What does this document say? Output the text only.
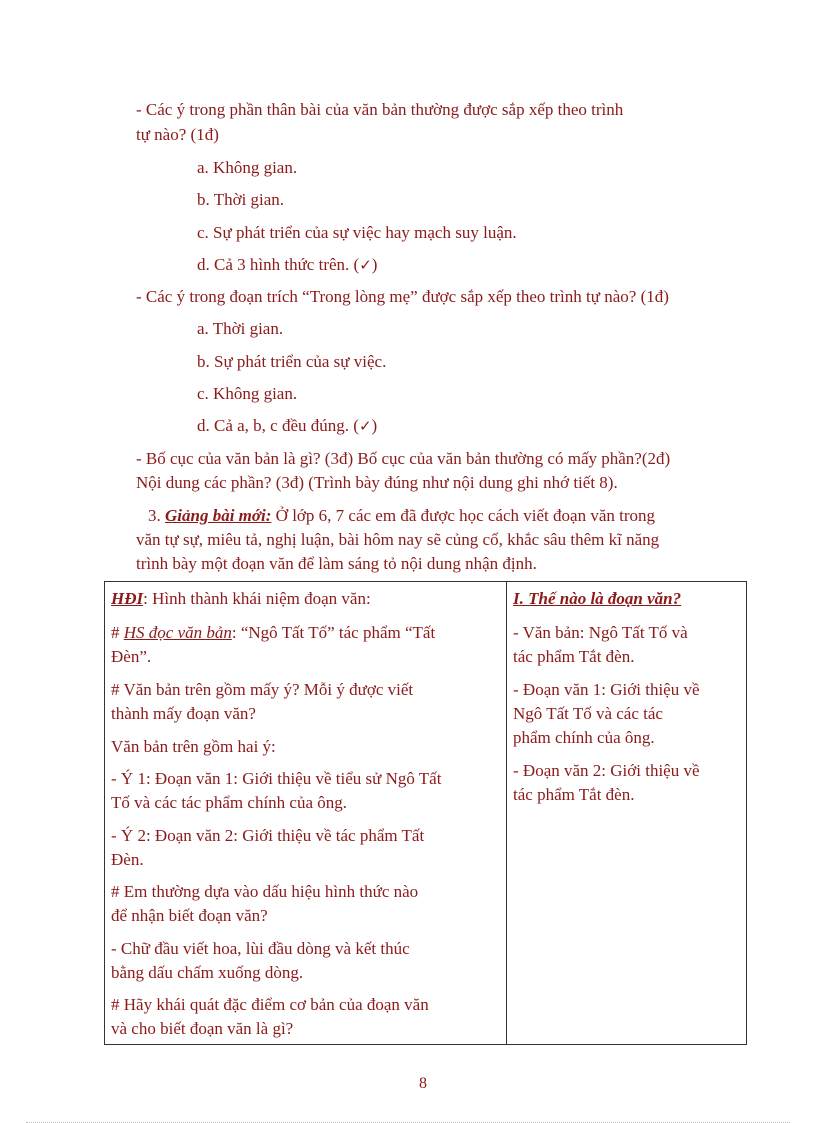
- Các ý trong phần thân bài của văn bản thường được sắp xếp theo trình
tự nào? (1đ)
a. Không gian.
b. Thời gian.
c. Sự phát triển của sự việc hay mạch suy luận.
d. Cả 3 hình thức trên. (✓)
- Các ý trong đoạn trích “Trong lòng mẹ” được sắp xếp theo trình tự nào? (1đ)
a. Thời gian.
b. Sự phát triển của sự việc.
c. Không gian.
d. Cả a, b, c đều đúng. (✓)
- Bố cục của văn bản là gì? (3đ) Bố cục của văn bản thường có mấy phần?(2đ)
Nội dung các phần? (3đ) (Trình bày đúng như nội dung ghi nhớ tiết 8).
3. Giảng bài mới: Ở lớp 6, 7 các em đã được học cách viết đoạn văn trong
văn tự sự, miêu tả, nghị luận, bài hôm nay sẽ củng cố, khắc sâu thêm kĩ năng
trình bày một đoạn văn để làm sáng tỏ nội dung nhận định.
HĐI: Hình thành khái niệm đoạn văn:
# HS đọc văn bản: “Ngô Tất Tố” tác phẩm “Tất
Đèn”.
# Văn bản trên gồm mấy ý? Mỗi ý được viết
thành mấy đoạn văn?
Văn bản trên gồm hai ý:
- Ý 1: Đoạn văn 1: Giới thiệu về tiểu sử Ngô Tất
Tố và các tác phẩm chính của ông.
- Ý 2: Đoạn văn 2: Giới thiệu về tác phẩm Tất
Đèn.
# Em thường dựa vào dấu hiệu hình thức nào
để nhận biết đoạn văn?
- Chữ đầu viết hoa, lùi đầu dòng và kết thúc
bằng dấu chấm xuống dòng.
# Hãy khái quát đặc điểm cơ bản của đoạn văn
và cho biết đoạn văn là gì?
I. Thế nào là đoạn văn?
- Văn bản: Ngô Tất Tố và
tác phẩm Tắt đèn.
- Đoạn văn 1: Giới thiệu về
Ngô Tất Tố và các tác
phẩm chính của ông.
- Đoạn văn 2: Giới thiệu về
tác phẩm Tắt đèn.
8
